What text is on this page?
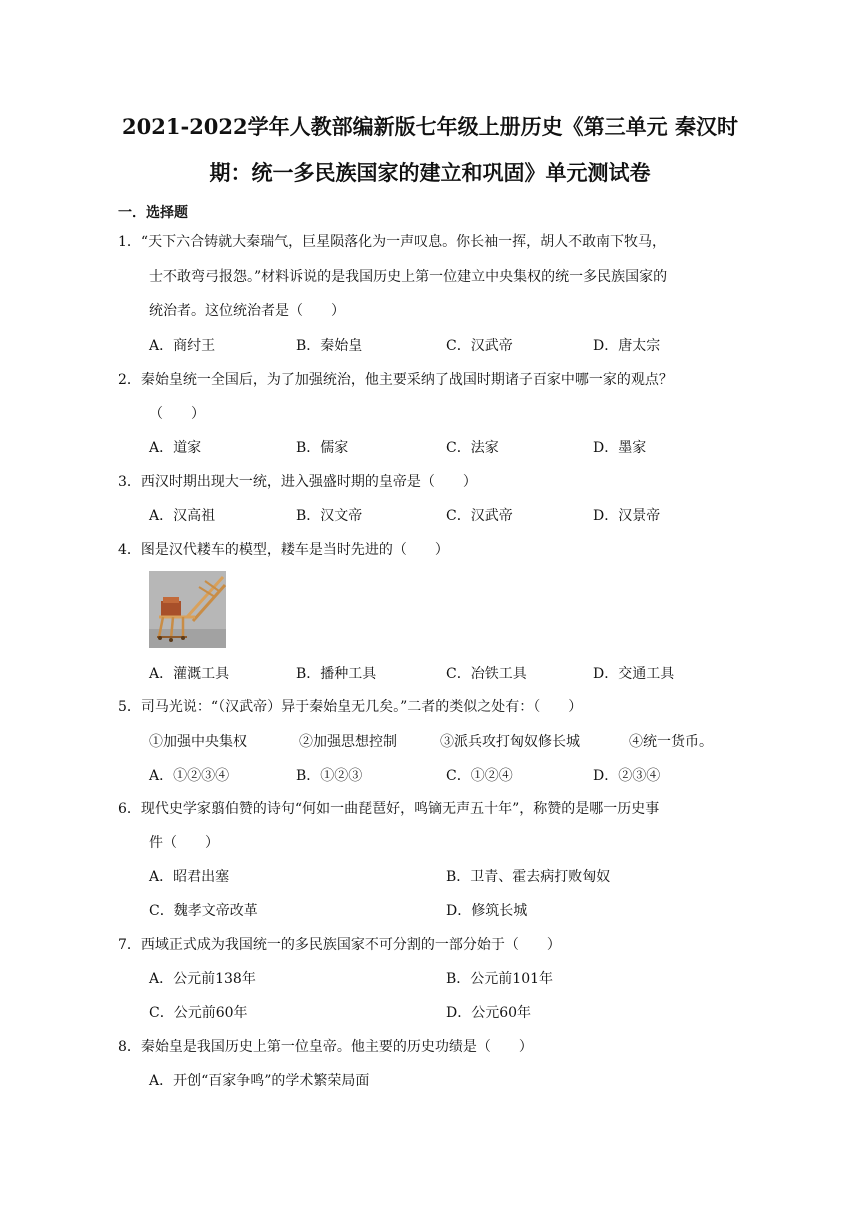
2021-2022学年人教部编新版七年级上册历史《第三单元 秦汉时
期：统一多民族国家的建立和巩固》单元测试卷
一．选择题
1．“天下六合铸就大秦瑞气，巨星陨落化为一声叹息。你长袖一挥，胡人不敢南下牧马，
士不敢弯弓报怨。”材料诉说的是我国历史上第一位建立中央集权的统一多民族国家的
统治者。这位统治者是（　　）
A．商纣王	B．秦始皇	C．汉武帝	D．唐太宗
2．秦始皇统一全国后，为了加强统治，他主要采纳了战国时期诸子百家中哪一家的观点？
（　　）
A．道家	B．儒家	C．法家	D．墨家
3．西汉时期出现大一统，进入强盛时期的皇帝是（　　）
A．汉高祖	B．汉文帝	C．汉武帝	D．汉景帝
4．图是汉代耧车的模型，耧车是当时先进的（　　）
A．灌溉工具	B．播种工具	C．冶铁工具	D．交通工具
5．司马光说：“（汉武帝）异于秦始皇无几矣。”二者的类似之处有：（　　）
①加强中央集权	②加强思想控制	③派兵攻打匈奴修长城	④统一货币。
A．①②③④	B．①②③	C．①②④	D．②③④
6．现代史学家翦伯赞的诗句“何如一曲琵琶好，鸣镝无声五十年”，称赞的是哪一历史事
件（　　）
A．昭君出塞	B．卫青、霍去病打败匈奴
C．魏孝文帝改革	D．修筑长城
7．西域正式成为我国统一的多民族国家不可分割的一部分始于（　　）
A．公元前138年	B．公元前101年
C．公元前60年	D．公元60年
8．秦始皇是我国历史上第一位皇帝。他主要的历史功绩是（　　）
A．开创“百家争鸣”的学术繁荣局面
